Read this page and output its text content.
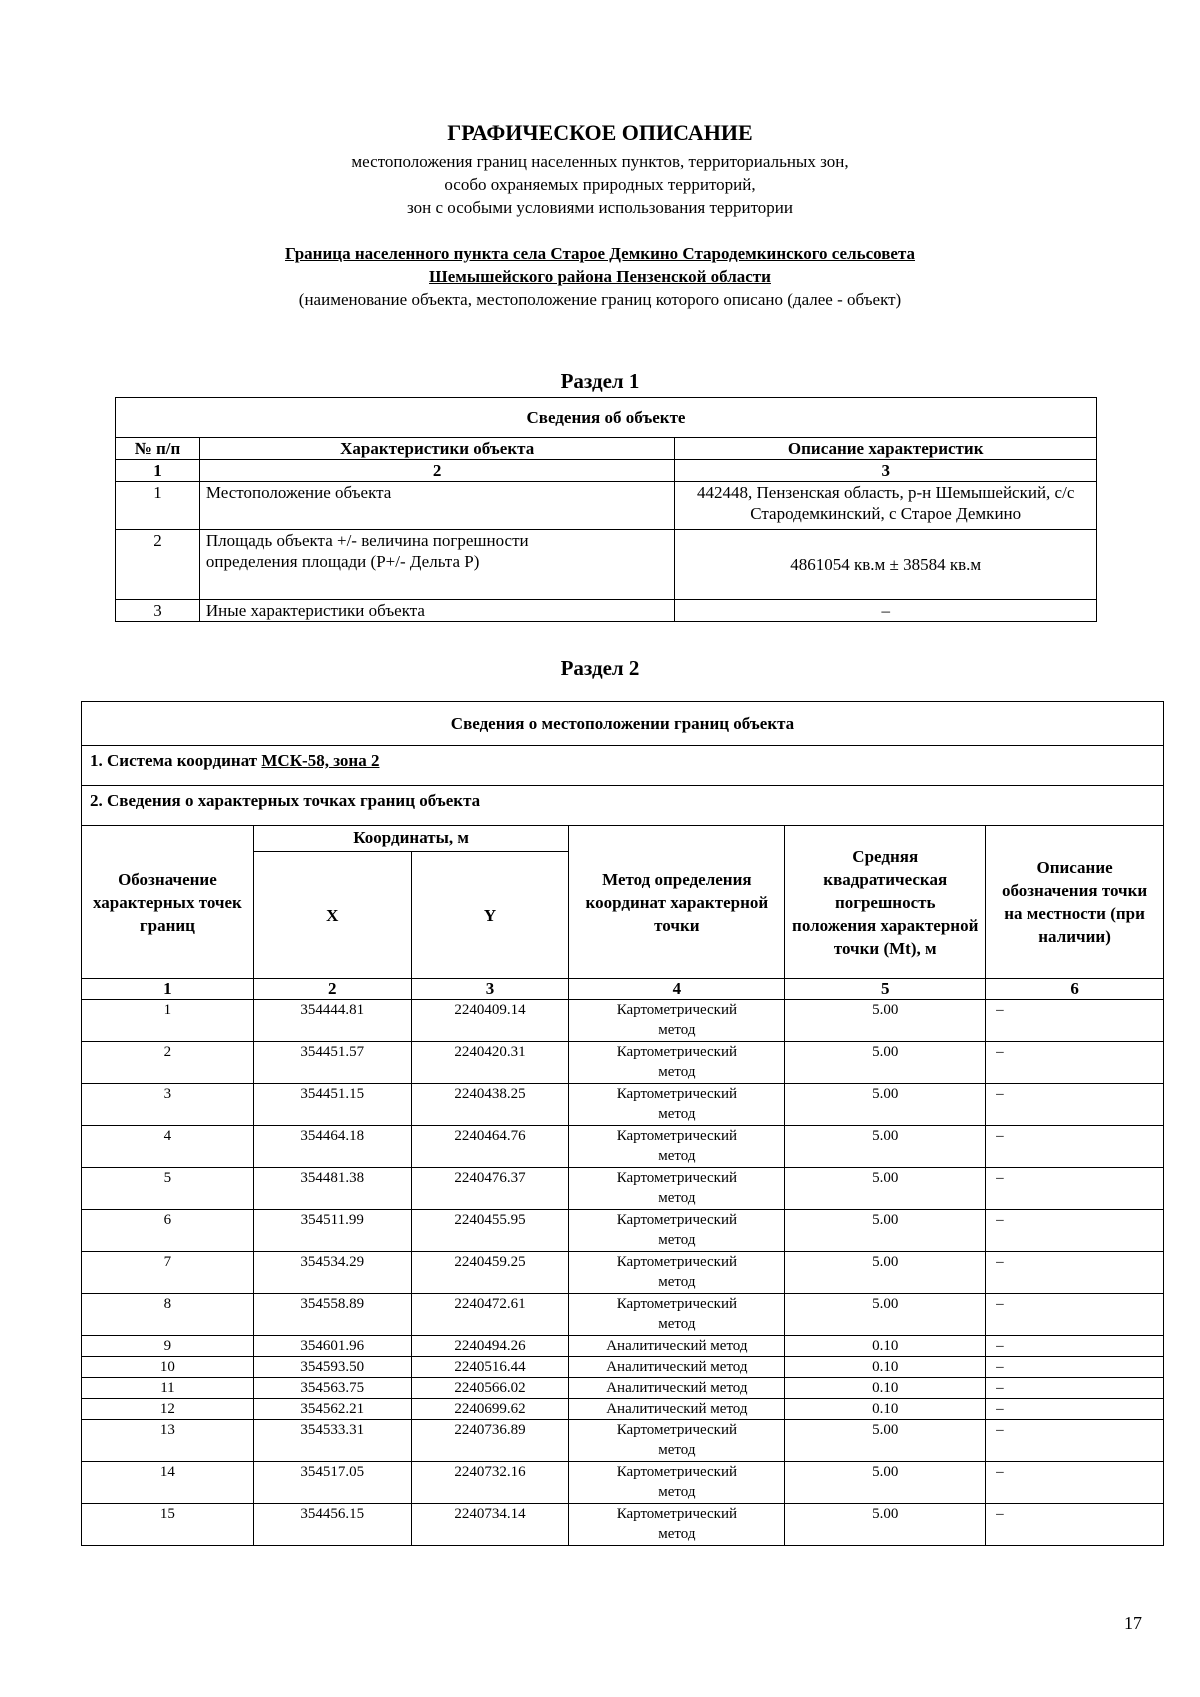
ГРАФИЧЕСКОЕ ОПИСАНИЕ
местоположения границ населенных пунктов, территориальных зон,
особо охраняемых природных территорий,
зон с особыми условиями использования территории
Граница населенного пункта села Старое Демкино Стародемкинского сельсовета
Шемышейского района Пензенской области
(наименование объекта, местоположение границ которого описано (далее - объект)
Раздел 1
Сведения об объекте		
№ п/п	Характеристики объекта	Описание характеристик
1	2	3
1	Местоположение объекта	442448, Пензенская область, р-н Шемышейский, с/с Стародемкинский, с Старое Демкино
2	Площадь объекта +/- величина погрешности определения площади (Р+/- Дельта Р)	4861054 кв.м ± 38584 кв.м
3	Иные характеристики объекта	–
Раздел 2
Сведения о местоположении границ объекта					
1. Система координат МСК-58, зона 2					
2. Сведения о характерных точках границ объекта					
Обозначение характерных точек границ	Координаты, м		Метод определения координат характерной точки	Средняя квадратическая погрешность положения характерной точки (Mt), м	Описание обозначения точки на местности (при наличии)
	X	Y			
1	2	3	4	5	6
1	354444.81	2240409.14	Картометрический метод	5.00	–
2	354451.57	2240420.31	Картометрический метод	5.00	–
3	354451.15	2240438.25	Картометрический метод	5.00	–
4	354464.18	2240464.76	Картометрический метод	5.00	–
5	354481.38	2240476.37	Картометрический метод	5.00	–
6	354511.99	2240455.95	Картометрический метод	5.00	–
7	354534.29	2240459.25	Картометрический метод	5.00	–
8	354558.89	2240472.61	Картометрический метод	5.00	–
9	354601.96	2240494.26	Аналитический метод	0.10	–
10	354593.50	2240516.44	Аналитический метод	0.10	–
11	354563.75	2240566.02	Аналитический метод	0.10	–
12	354562.21	2240699.62	Аналитический метод	0.10	–
13	354533.31	2240736.89	Картометрический метод	5.00	–
14	354517.05	2240732.16	Картометрический метод	5.00	–
15	354456.15	2240734.14	Картометрический метод	5.00	–
17
